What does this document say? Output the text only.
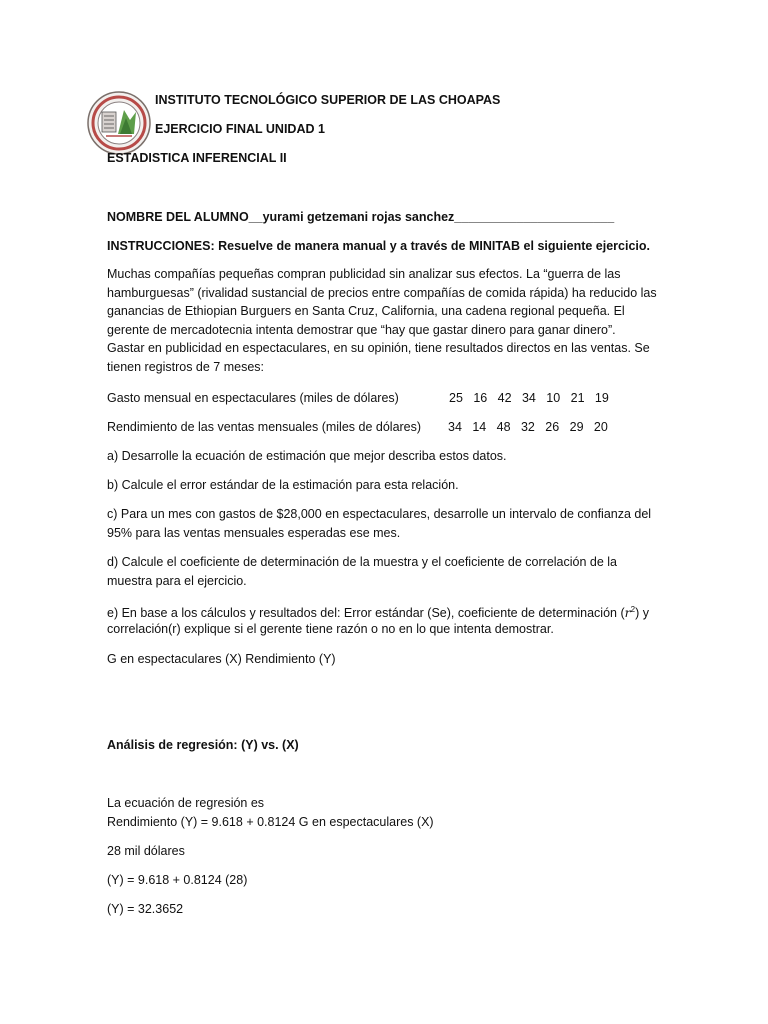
INSTITUTO TECNOLÓGICO SUPERIOR DE LAS CHOAPAS
EJERCICIO FINAL UNIDAD 1
ESTADISTICA INFERENCIAL II
NOMBRE DEL ALUMNO__yurami getzemani rojas sanchez_______________________
INSTRUCCIONES: Resuelve de manera manual y a través de MINITAB el siguiente ejercicio.
Muchas compañías pequeñas compran publicidad sin analizar sus efectos. La “guerra de las
hamburguesas” (rivalidad sustancial de precios entre compañías de comida rápida) ha reducido las
ganancias de Ethiopian Burguers en Santa Cruz, California, una cadena regional pequeña. El
gerente de mercadotecnia intenta demostrar que “hay que gastar dinero para ganar dinero”.
Gastar en publicidad en espectaculares, en su opinión, tiene resultados directos en las ventas. Se
tienen registros de 7 meses:
Gasto mensual en espectaculares (miles de dólares)	25   16   42   34   10   21   19
Rendimiento de las ventas mensuales (miles de dólares) 34   14   48   32   26   29   20
a) Desarrolle la ecuación de estimación que mejor describa estos datos.
b) Calcule el error estándar de la estimación para esta relación.
c) Para un mes con gastos de $28,000 en espectaculares, desarrolle un intervalo de confianza del
95% para las ventas mensuales esperadas ese mes.
d) Calcule el coeficiente de determinación de la muestra y el coeficiente de correlación de la
muestra para el ejercicio.
e) En base a los cálculos y resultados del: Error estándar (Se), coeficiente de determinación $(r^2)$ y
correlación(r) explique si el gerente tiene razón o no en lo que intenta demostrar.
G en espectaculares (X) Rendimiento (Y)
Análisis de regresión: (Y) vs. (X)
La ecuación de regresión es
Rendimiento (Y) = 9.618 + 0.8124 G en espectaculares (X)
28 mil dólares
(Y) = 9.618 + 0.8124 (28)
(Y) = 32.3652
